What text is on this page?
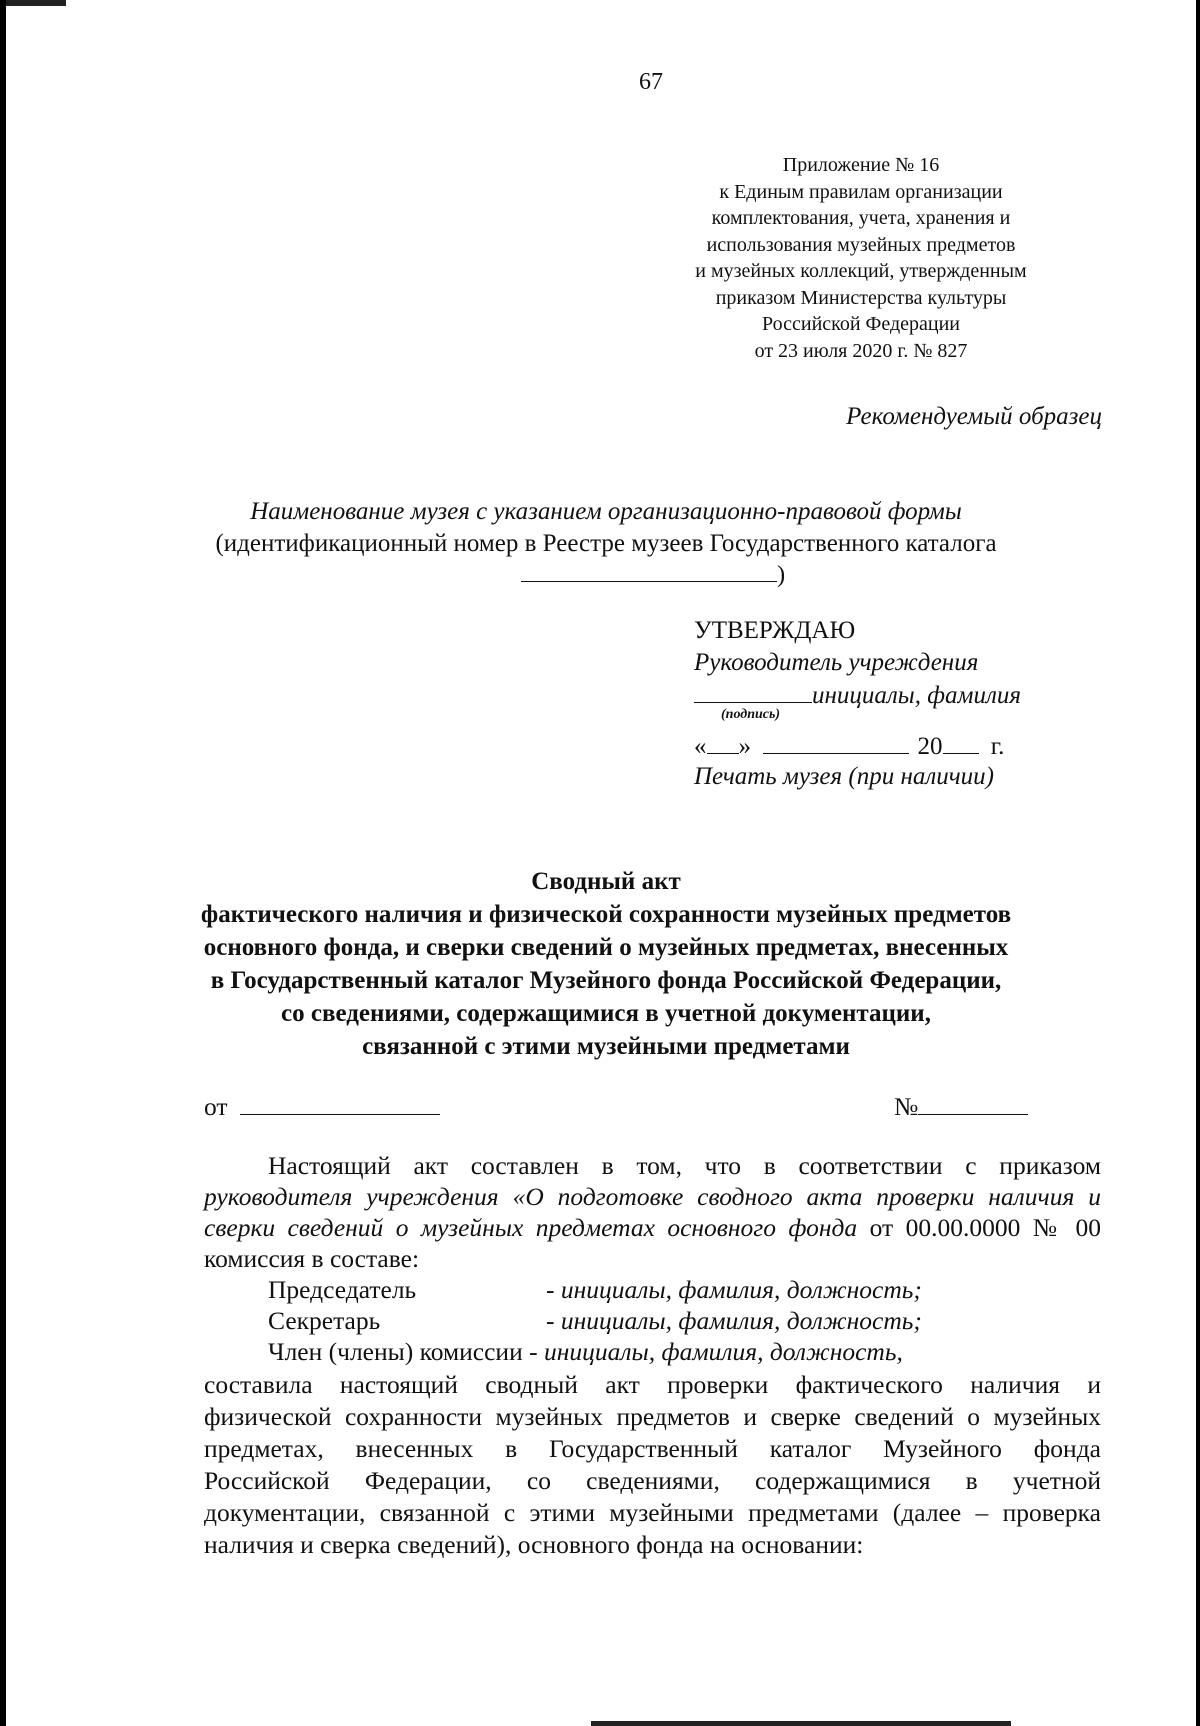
67
Приложение № 16
к Единым правилам организации
комплектования, учета, хранения и
использования музейных предметов
и музейных коллекций, утвержденным
приказом Министерства культуры
Российской Федерации
от 23 июля 2020 г. № 827
Рекомендуемый образец
Наименование музея с указанием организационно-правовой формы
(идентификационный номер в Реестре музеев Государственного каталога
)
УТВЕРЖДАЮ
Руководитель учреждения
инициалы, фамилия
(подпись)
« »	20 г.
Печать музея (при наличии)
Сводный акт
фактического наличия и физической сохранности музейных предметов
основного фонда, и сверки сведений о музейных предметах, внесенных
в Государственный каталог Музейного фонда Российской Федерации,
со сведениями, содержащимися в учетной документации,
связанной с этими музейными предметами
от	№
Настоящий акт составлен в том, что в соответствии с приказом
руководителя учреждения «О подготовке сводного акта проверки наличия и
сверки сведений о музейных предметах основного фонда от 00.00.0000 № 00
комиссия в составе:
Председатель	- инициалы, фамилия, должность;
Секретарь	- инициалы, фамилия, должность;
Член (члены) комиссии - инициалы, фамилия, должность,
составила настоящий сводный акт проверки фактического наличия и
физической сохранности музейных предметов и сверке сведений о музейных
предметах, внесенных в Государственный каталог Музейного фонда
Российской Федерации, со сведениями, содержащимися в учетной
документации, связанной с этими музейными предметами (далее – проверка
наличия и сверка сведений), основного фонда на основании:
